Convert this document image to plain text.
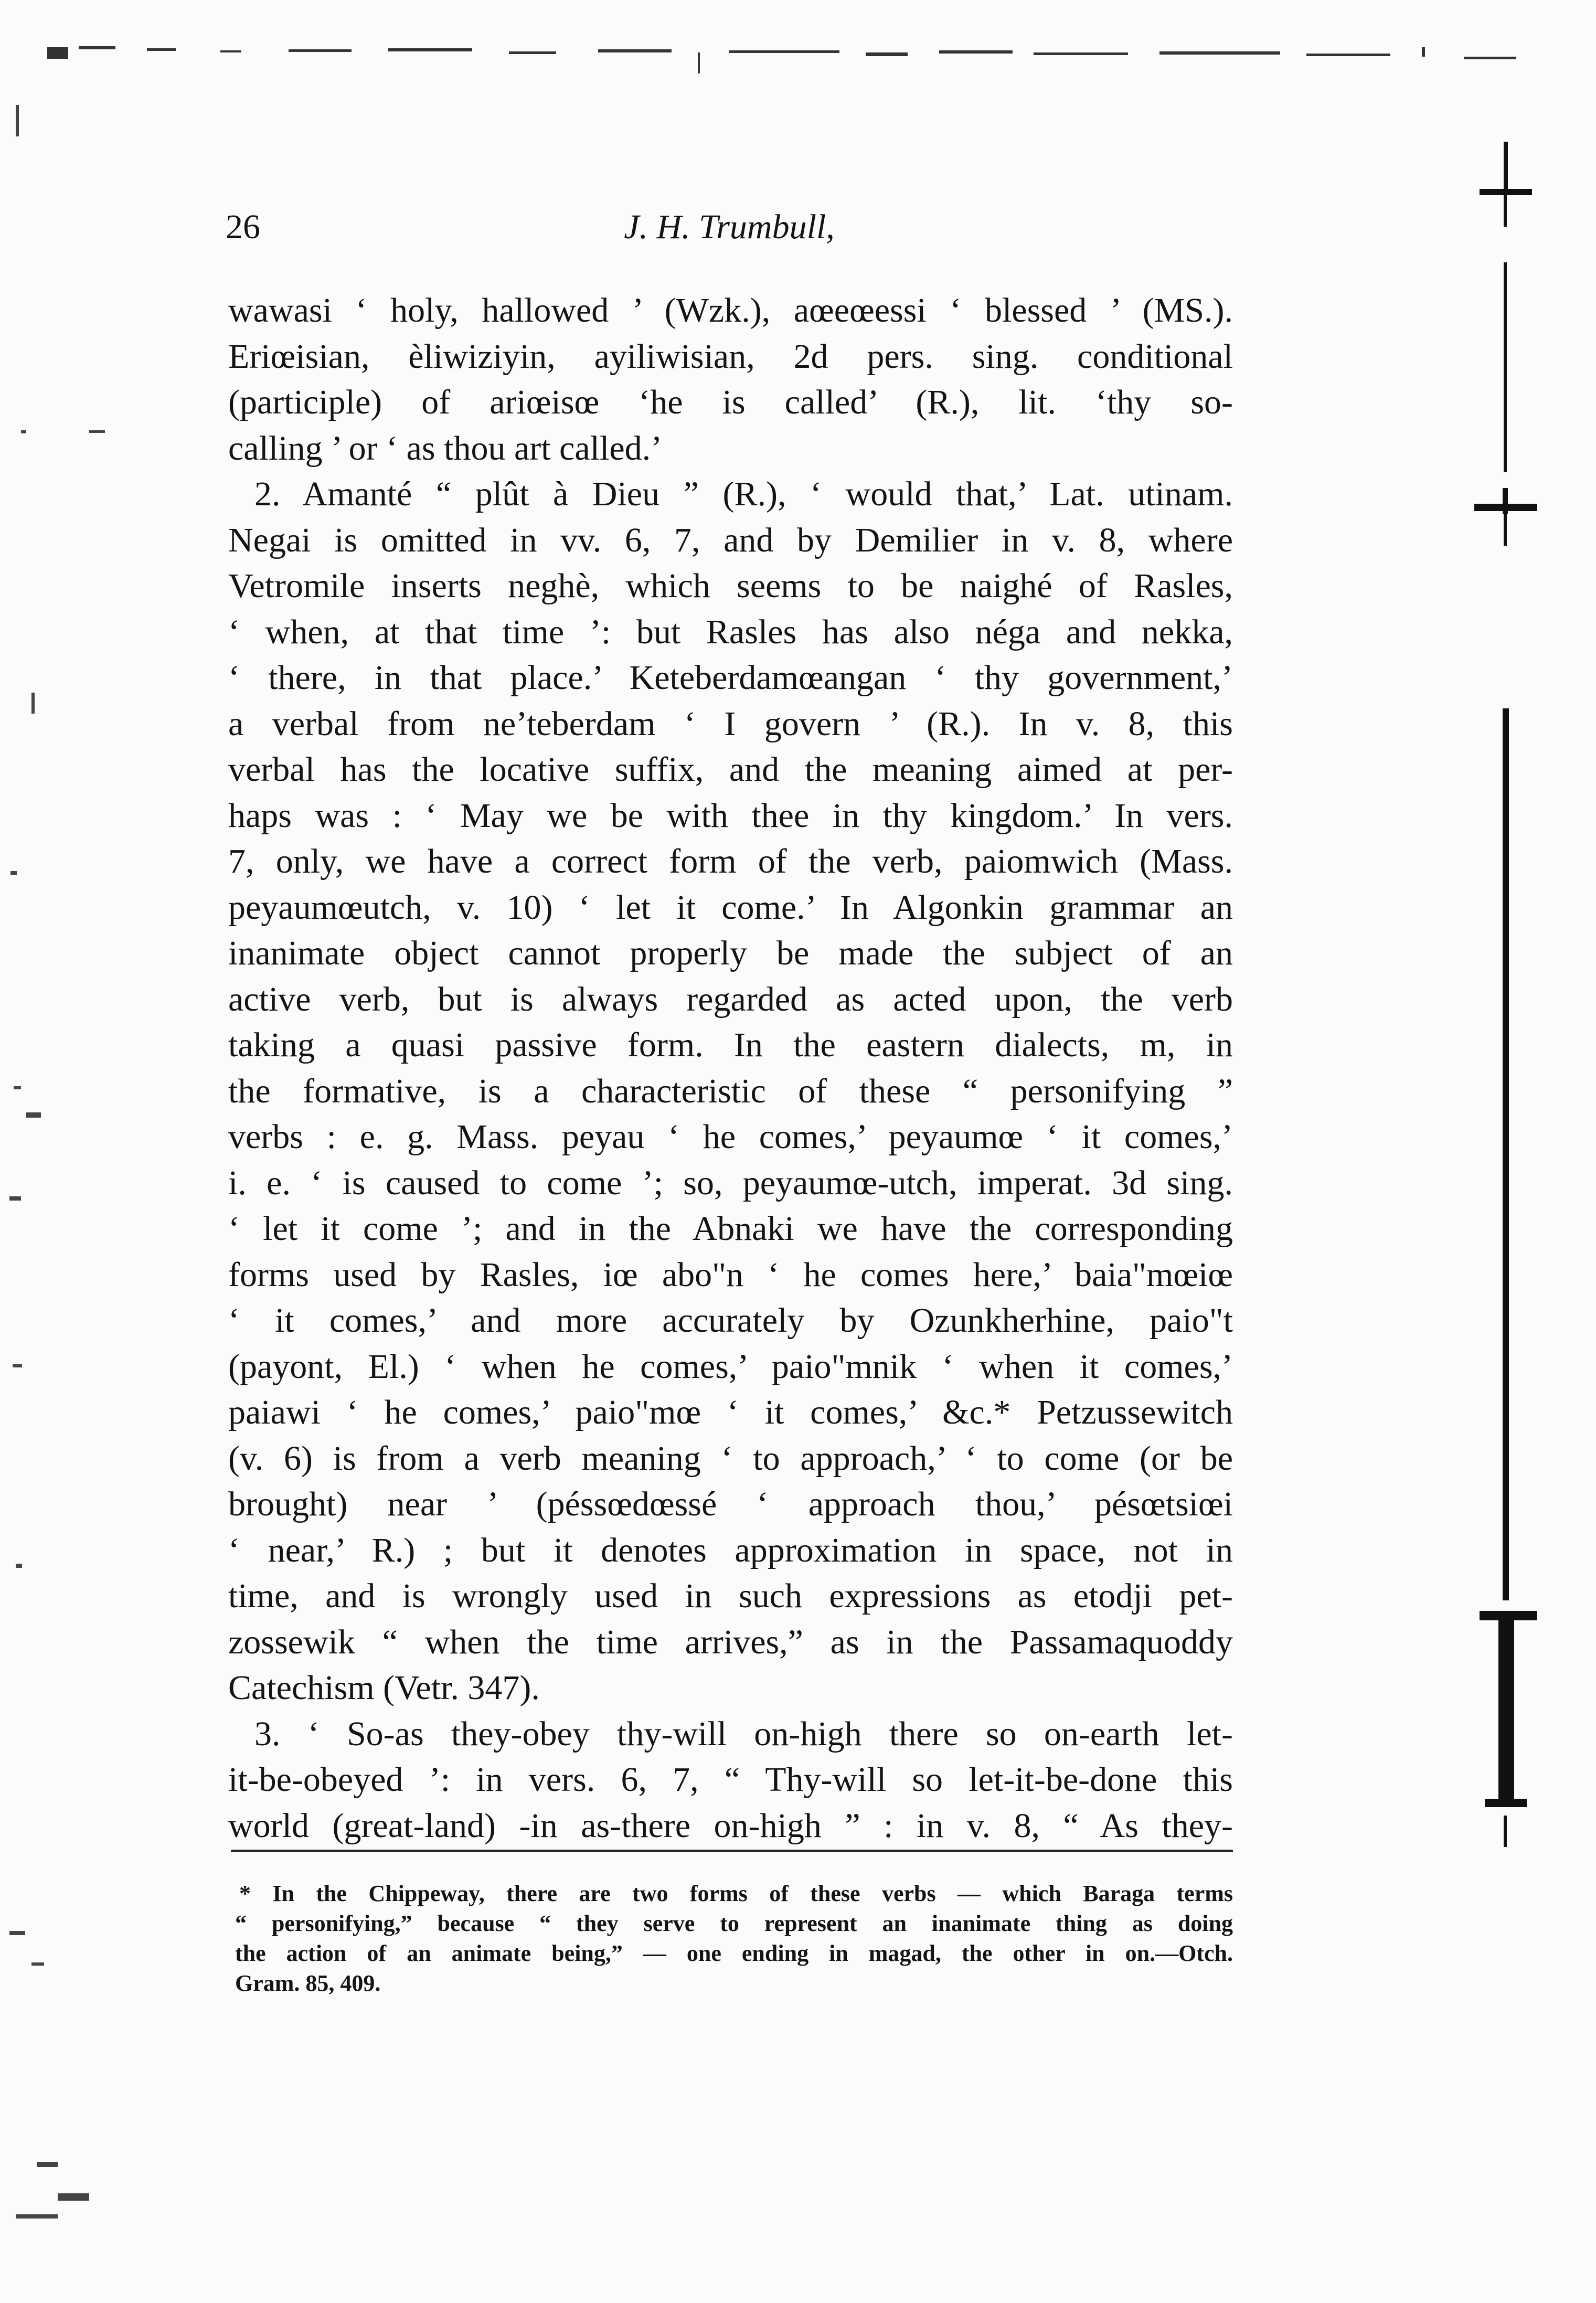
26	J. H. Trumbull,
wawasi ‘ holy, hallowed ’ (Wzk.), aœeœessi ‘ blessed ’ (MS.).
Eriœisian, èliwiziyin, ayiliwisian, 2d pers. sing. conditional
(participle) of ariœisœ ‘he is called’ (R.), lit. ‘thy so-
calling ’ or ‘ as thou art called.’
2. Amanté “ plût à Dieu ” (R.), ‘ would that,’ Lat. utinam.
Negai is omitted in vv. 6, 7, and by Demilier in v. 8, where
Vetromile inserts neghè, which seems to be naighé of Rasles,
‘ when, at that time ’: but Rasles has also néga and nekka,
‘ there, in that place.’ Keteberdamœangan ‘ thy government,’
a verbal from ne’teberdam ‘ I govern ’ (R.). In v. 8, this
verbal has the locative suffix, and the meaning aimed at per-
haps was : ‘ May we be with thee in thy kingdom.’ In vers.
7, only, we have a correct form of the verb, paiomwich (Mass.
peyaumœutch, v. 10) ‘ let it come.’ In Algonkin grammar an
inanimate object cannot properly be made the subject of an
active verb, but is always regarded as acted upon, the verb
taking a quasi passive form. In the eastern dialects, m, in
the formative, is a characteristic of these “ personifying ”
verbs : e. g. Mass. peyau ‘ he comes,’ peyaumœ ‘ it comes,’
i. e. ‘ is caused to come ’; so, peyaumœ-utch, imperat. 3d sing.
‘ let it come ’; and in the Abnaki we have the corresponding
forms used by Rasles, iœ abo"n ‘ he comes here,’ baia"mœiœ
‘ it comes,’ and more accurately by Ozunkherhine, paio"t
(payont, El.) ‘ when he comes,’ paio"mnik ‘ when it comes,’
paiawi ‘ he comes,’ paio"mœ ‘ it comes,’ &c.* Petzussewitch
(v. 6) is from a verb meaning ‘ to approach,’ ‘ to come (or be
brought) near ’ (péssœdœssé ‘ approach thou,’ pésœtsiœi
‘ near,’ R.) ; but it denotes approximation in space, not in
time, and is wrongly used in such expressions as etodji pet-
zossewik “ when the time arrives,” as in the Passamaquoddy
Catechism (Vetr. 347).
3. ‘ So-as they-obey thy-will on-high there so on-earth let-
it-be-obeyed ’: in vers. 6, 7, “ Thy-will so let-it-be-done this
world (great-land) -in as-there on-high ” : in v. 8, “ As they-
* In the Chippeway, there are two forms of these verbs — which Baraga terms
“ personifying,” because “ they serve to represent an inanimate thing as doing
the action of an animate being,” — one ending in magad, the other in on.—Otch.
Gram. 85, 409.
